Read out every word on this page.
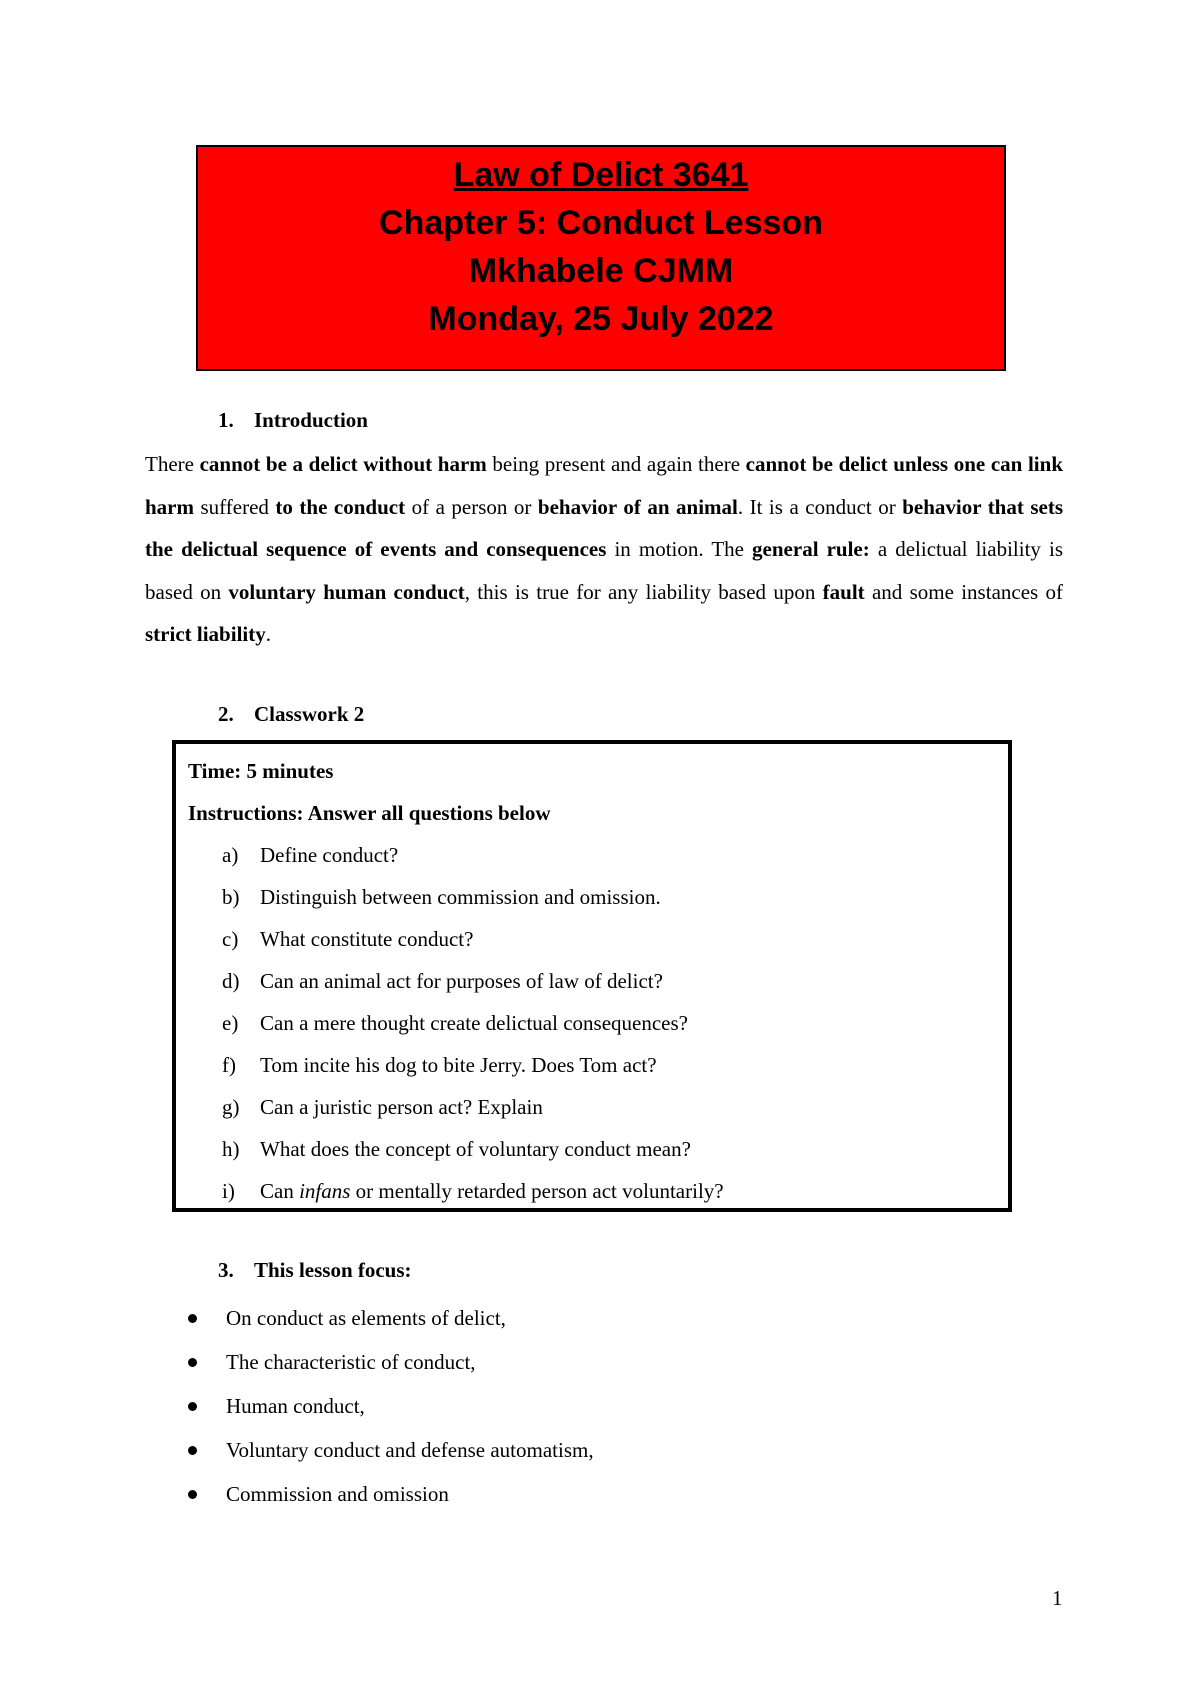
Law of Delict 3641
Chapter 5: Conduct Lesson
Mkhabele CJMM
Monday, 25 July 2022
1. Introduction
There cannot be a delict without harm being present and again there cannot be delict unless one can link harm suffered to the conduct of a person or behavior of an animal. It is a conduct or behavior that sets the delictual sequence of events and consequences in motion. The general rule: a delictual liability is based on voluntary human conduct, this is true for any liability based upon fault and some instances of strict liability.
2. Classwork 2
Time: 5 minutes
Instructions: Answer all questions below
a)	Define conduct?
b) Distinguish between commission and omission.
c)	What constitute conduct?
d) Can an animal act for purposes of law of delict?
e)	Can a mere thought create delictual consequences?
f)	Tom incite his dog to bite Jerry. Does Tom act?
g) Can a juristic person act? Explain
h) What does the concept of voluntary conduct mean?
i)	Can infans or mentally retarded person act voluntarily?
3. This lesson focus:
On conduct as elements of delict,
The characteristic of conduct,
Human conduct,
Voluntary conduct and defense automatism,
Commission and omission
1
